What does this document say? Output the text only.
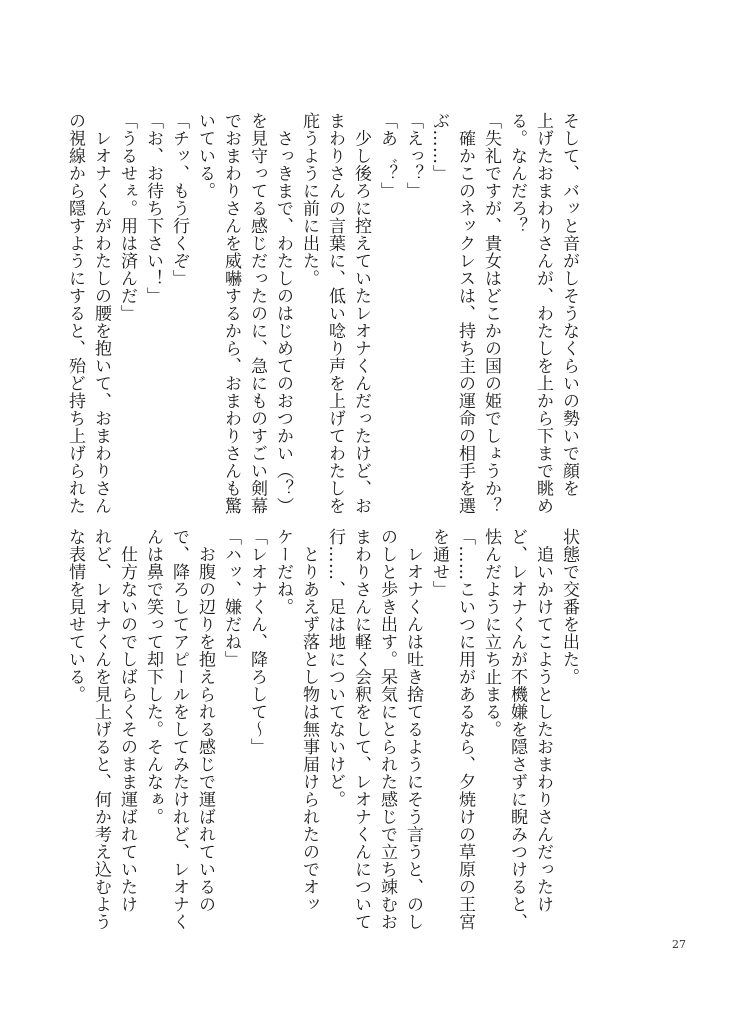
そして、バッと音がしそうなくらいの勢いで顔を
上げたおまわりさんが、わたしを上から下まで眺め
る。なんだろ？
「失礼ですが、貴女はどこかの国の姫でしょうか？
　確かこのネックレスは、持ち主の運命の相手を選
ぶ……」
「えっ？」
「あ゛？」
　少し後ろに控えていたレオナくんだったけど、お
まわりさんの言葉に、低い唸り声を上げてわたしを
庇うように前に出た。
　さっきまで、わたしのはじめてのおつかい（？）
を見守ってる感じだったのに、急にものすごい剣幕
でおまわりさんを威嚇するから、おまわりさんも驚
いている。
「チッ、もう行くぞ」
「お、お待ち下さい！」
「うるせぇ。用は済んだ」
　レオナくんがわたしの腰を抱いて、おまわりさん
の視線から隠すようにすると、殆ど持ち上げられた
状態で交番を出た。
　追いかけてこようとしたおまわりさんだったけ
ど、レオナくんが不機嫌を隠さずに睨みつけると、
怯んだように立ち止まる。
「……こいつに用があるなら、夕焼けの草原の王宮
を通せ」
　レオナくんは吐き捨てるようにそう言うと、のし
のしと歩き出す。呆気にとられた感じで立ち竦むお
まわりさんに軽く会釈をして、レオナくんについて
行……、足は地についてないけど。
　とりあえず落とし物は無事届けられたのでオッ
ケーだね。
「レオナくん、降ろして～」
「ハッ、嫌だね」
　お腹の辺りを抱えられる感じで運ばれているの
で、降ろしてアピールをしてみたけれど、レオナく
んは鼻で笑って却下した。そんなぁ。
　仕方ないのでしばらくそのまま運ばれていたけ
れど、レオナくんを見上げると、何か考え込むよう
な表情を見せている。
27
